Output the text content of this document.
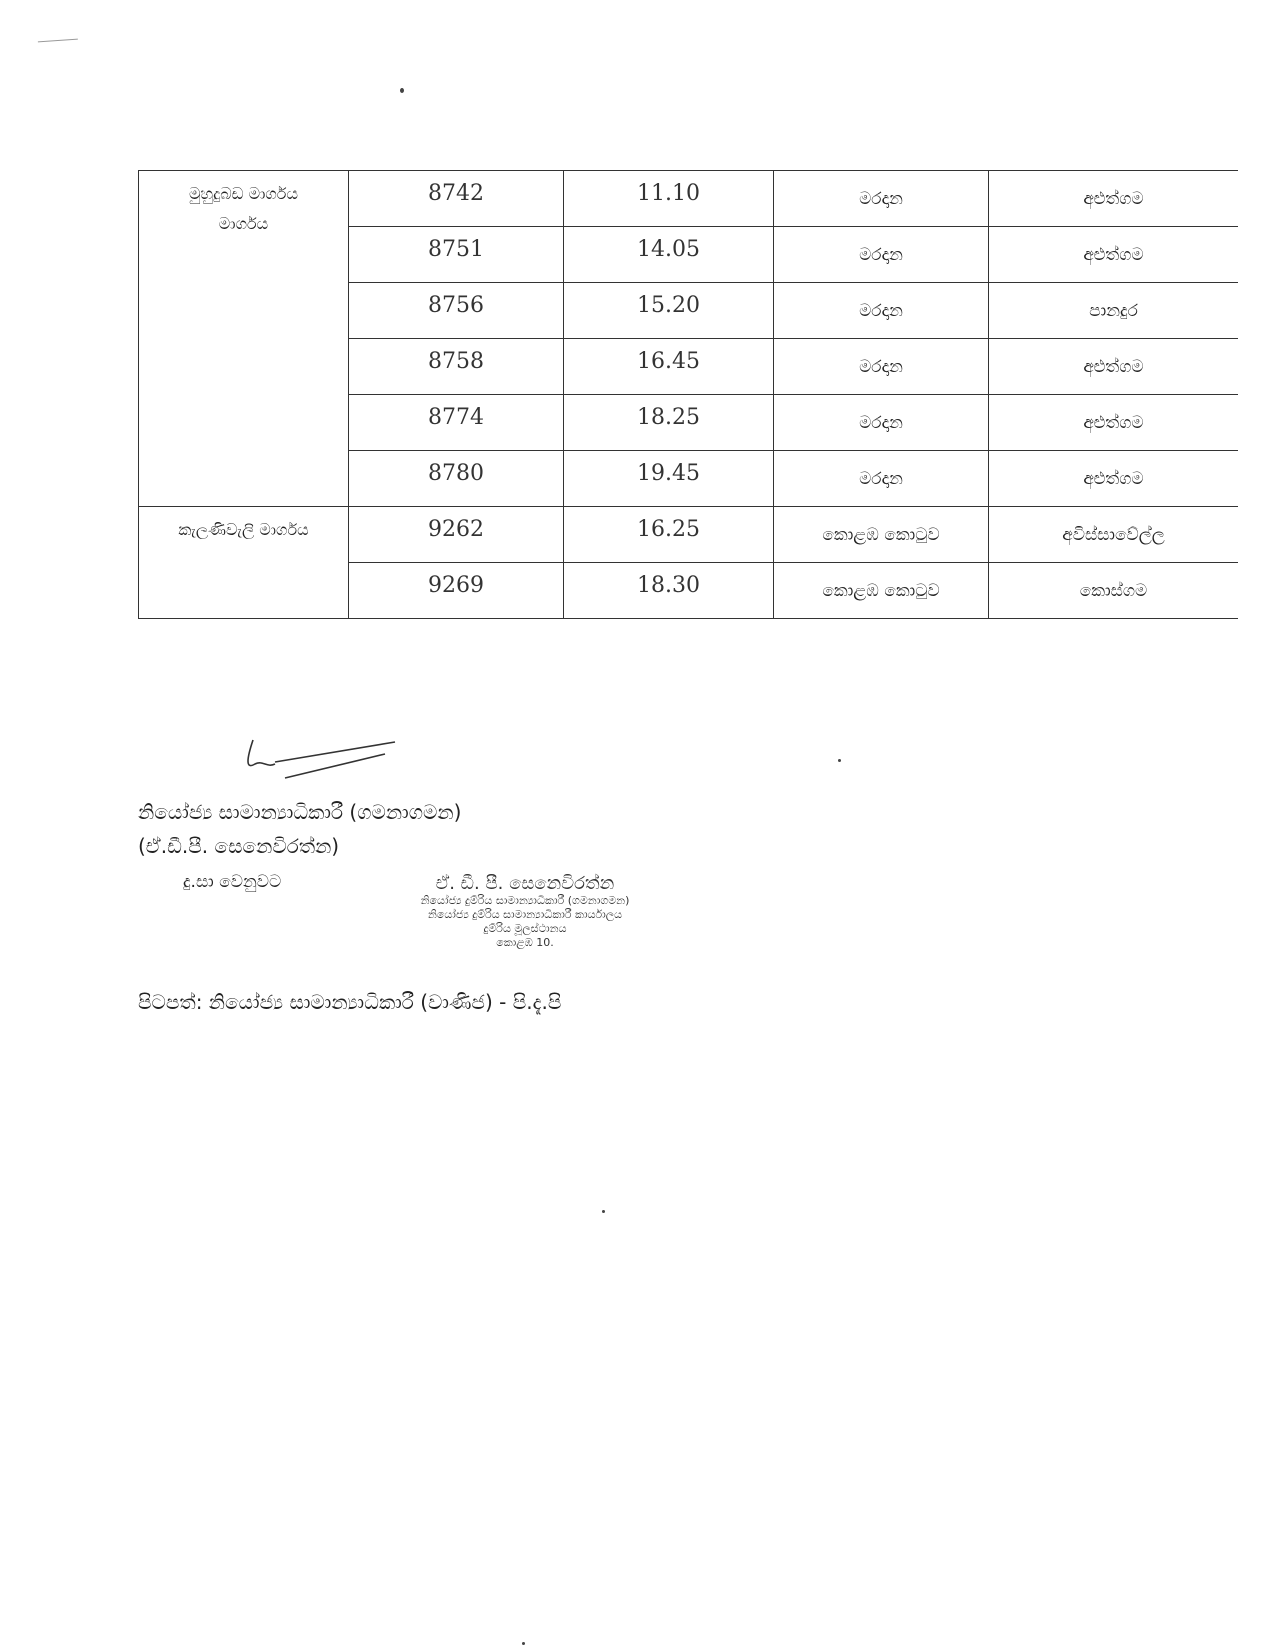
මුහුදුබඩ මාර්ගය
මාර්ගය	8742	11.10	මරදාන	අළුත්ගම
	8751	14.05	මරදාන	අළුත්ගම
	8756	15.20	මරදාන	පානදුර
	8758	16.45	මරදාන	අළුත්ගම
	8774	18.25	මරදාන	අළුත්ගම
	8780	19.45	මරදාන	අළුත්ගම
කැලණිවැලි මාර්ගය	9262	16.25	කොළඹ කොටුව	අවිස්සාවේල්ල
	9269	18.30	කොළඹ කොටුව	කොස්ගම
නියෝජ්‍ය සාමාන්‍යාධිකාරී (ගමනාගමන)
(ඒ.ඩී.පී. සෙනෙවිරත්න)
දු.සා වෙනුවට	ඒ. ඩී. පී. සෙනෙවිරත්න
නියෝජ්‍ය දුම්රිය සාමාන්‍යාධිකාරී (ගමනාගමන)
නියෝජ්‍ය දුම්රිය සාමාන්‍යාධිකාරී කාර්යාලය
දුම්රිය මූලස්ථානය
කොළඹ 10.
පිටපත්: නියෝජ්‍ය සාමාන්‍යාධිකාරී (වාණිජ) - පි.දැ.පි
